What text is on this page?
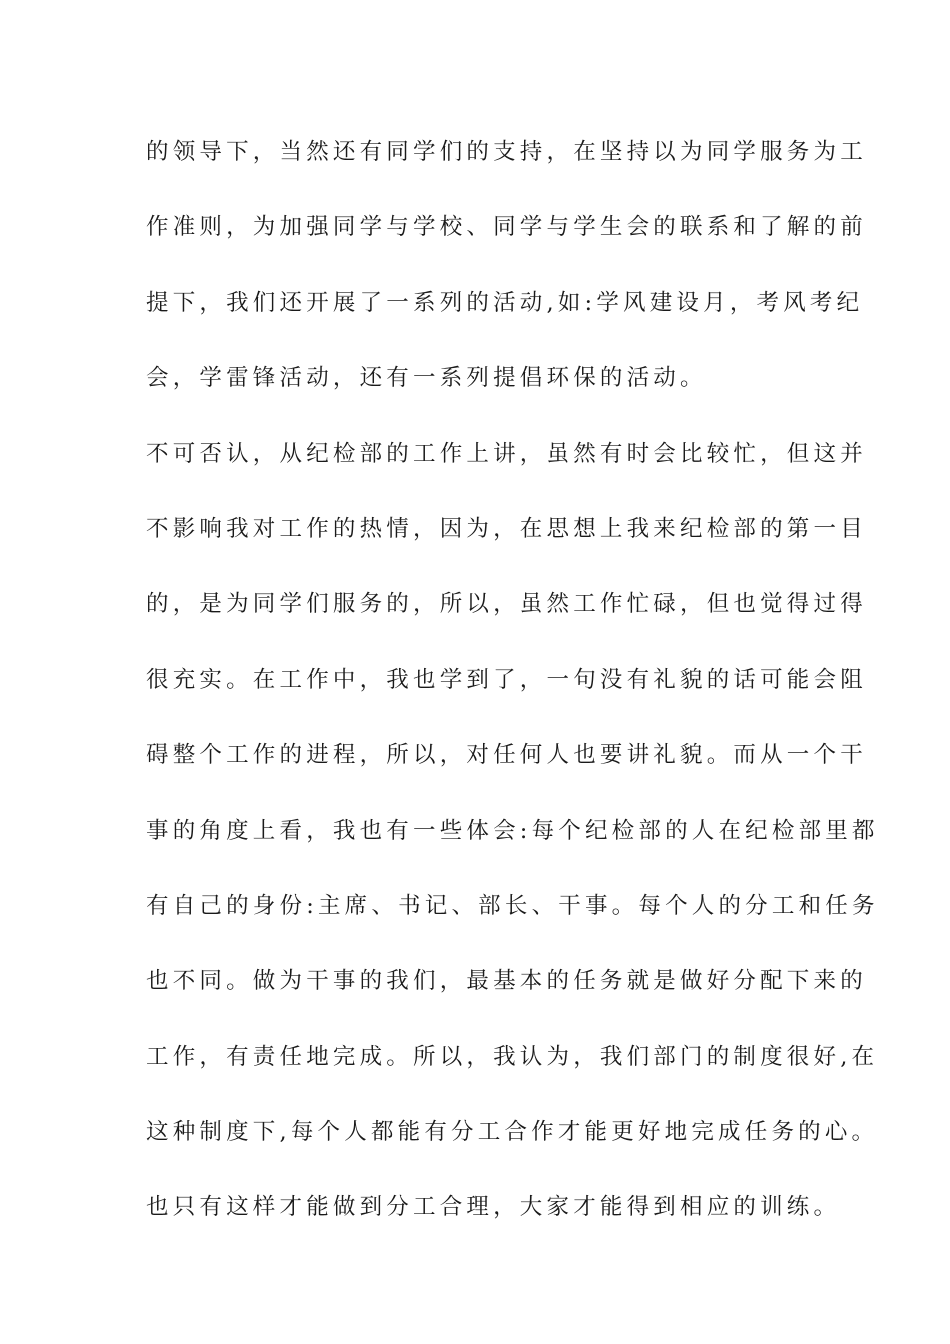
的领导下，当然还有同学们的支持，在坚持以为同学服务为工
作准则，为加强同学与学校、同学与学生会的联系和了解的前
提下，我们还开展了一系列的活动,如:学风建设月，考风考纪
会，学雷锋活动，还有一系列提倡环保的活动。
不可否认，从纪检部的工作上讲，虽然有时会比较忙，但这并
不影响我对工作的热情，因为，在思想上我来纪检部的第一目
的，是为同学们服务的，所以，虽然工作忙碌，但也觉得过得
很充实。在工作中，我也学到了，一句没有礼貌的话可能会阻
碍整个工作的进程，所以，对任何人也要讲礼貌。而从一个干
事的角度上看，我也有一些体会:每个纪检部的人在纪检部里都
有自己的身份:主席、书记、部长、干事。每个人的分工和任务
也不同。做为干事的我们，最基本的任务就是做好分配下来的
工作，有责任地完成。所以，我认为，我们部门的制度很好,在
这种制度下,每个人都能有分工合作才能更好地完成任务的心。
也只有这样才能做到分工合理，大家才能得到相应的训练。
